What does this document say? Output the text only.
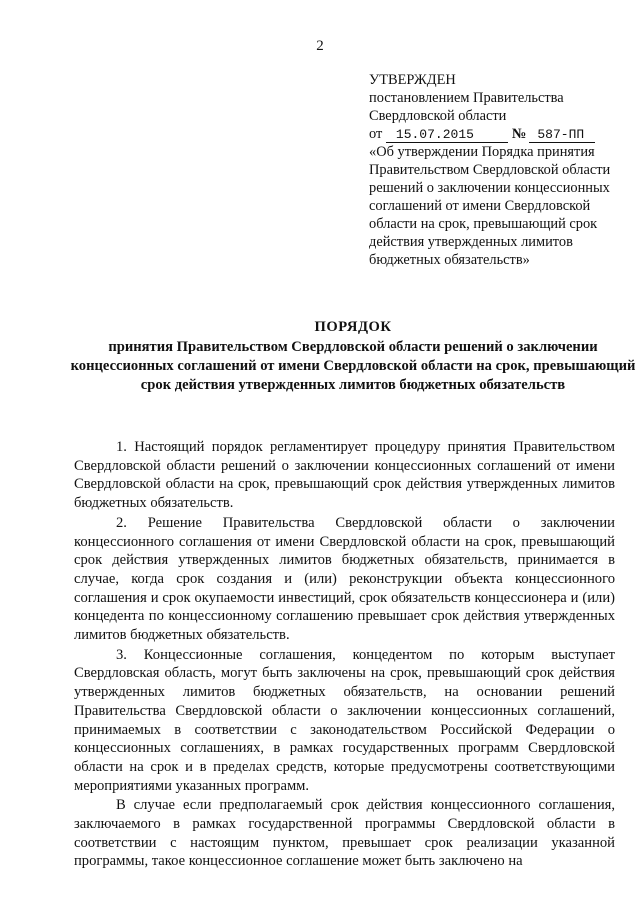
2
УТВЕРЖДЕН
постановлением Правительства
Свердловской области
от 15.07.2015	№ 587-ПП
«Об утверждении Порядка принятия Правительством Свердловской области решений о заключении концессионных соглашений от имени Свердловской области на срок, превышающий срок действия утвержденных лимитов бюджетных обязательств»
ПОРЯДОК
принятия Правительством Свердловской области решений о заключении концессионных соглашений от имени Свердловской области на срок, превышающий срок действия утвержденных лимитов бюджетных обязательств

1. Настоящий порядок регламентирует процедуру принятия Правительством Свердловской области решений о заключении концессионных соглашений от имени Свердловской области на срок, превышающий срок действия утвержденных лимитов бюджетных обязательств.

2. Решение Правительства Свердловской области о заключении концессионного соглашения от имени Свердловской области на срок, превышающий срок действия утвержденных лимитов бюджетных обязательств, принимается в случае, когда срок создания и (или) реконструкции объекта концессионного соглашения и срок окупаемости инвестиций, срок обязательств концессионера и (или) концедента по концессионному соглашению превышает срок действия утвержденных лимитов бюджетных обязательств.

3. Концессионные соглашения, концедентом по которым выступает Свердловская область, могут быть заключены на срок, превышающий срок действия утвержденных лимитов бюджетных обязательств, на основании решений Правительства Свердловской области о заключении концессионных соглашений, принимаемых в соответствии с законодательством Российской Федерации о концессионных соглашениях, в рамках государственных программ Свердловской области на срок и в пределах средств, которые предусмотрены соответствующими мероприятиями указанных программ.

В случае если предполагаемый срок действия концессионного соглашения, заключаемого в рамках государственной программы Свердловской области в соответствии с настоящим пунктом, превышает срок реализации указанной программы, такое концессионное соглашение может быть заключено на
